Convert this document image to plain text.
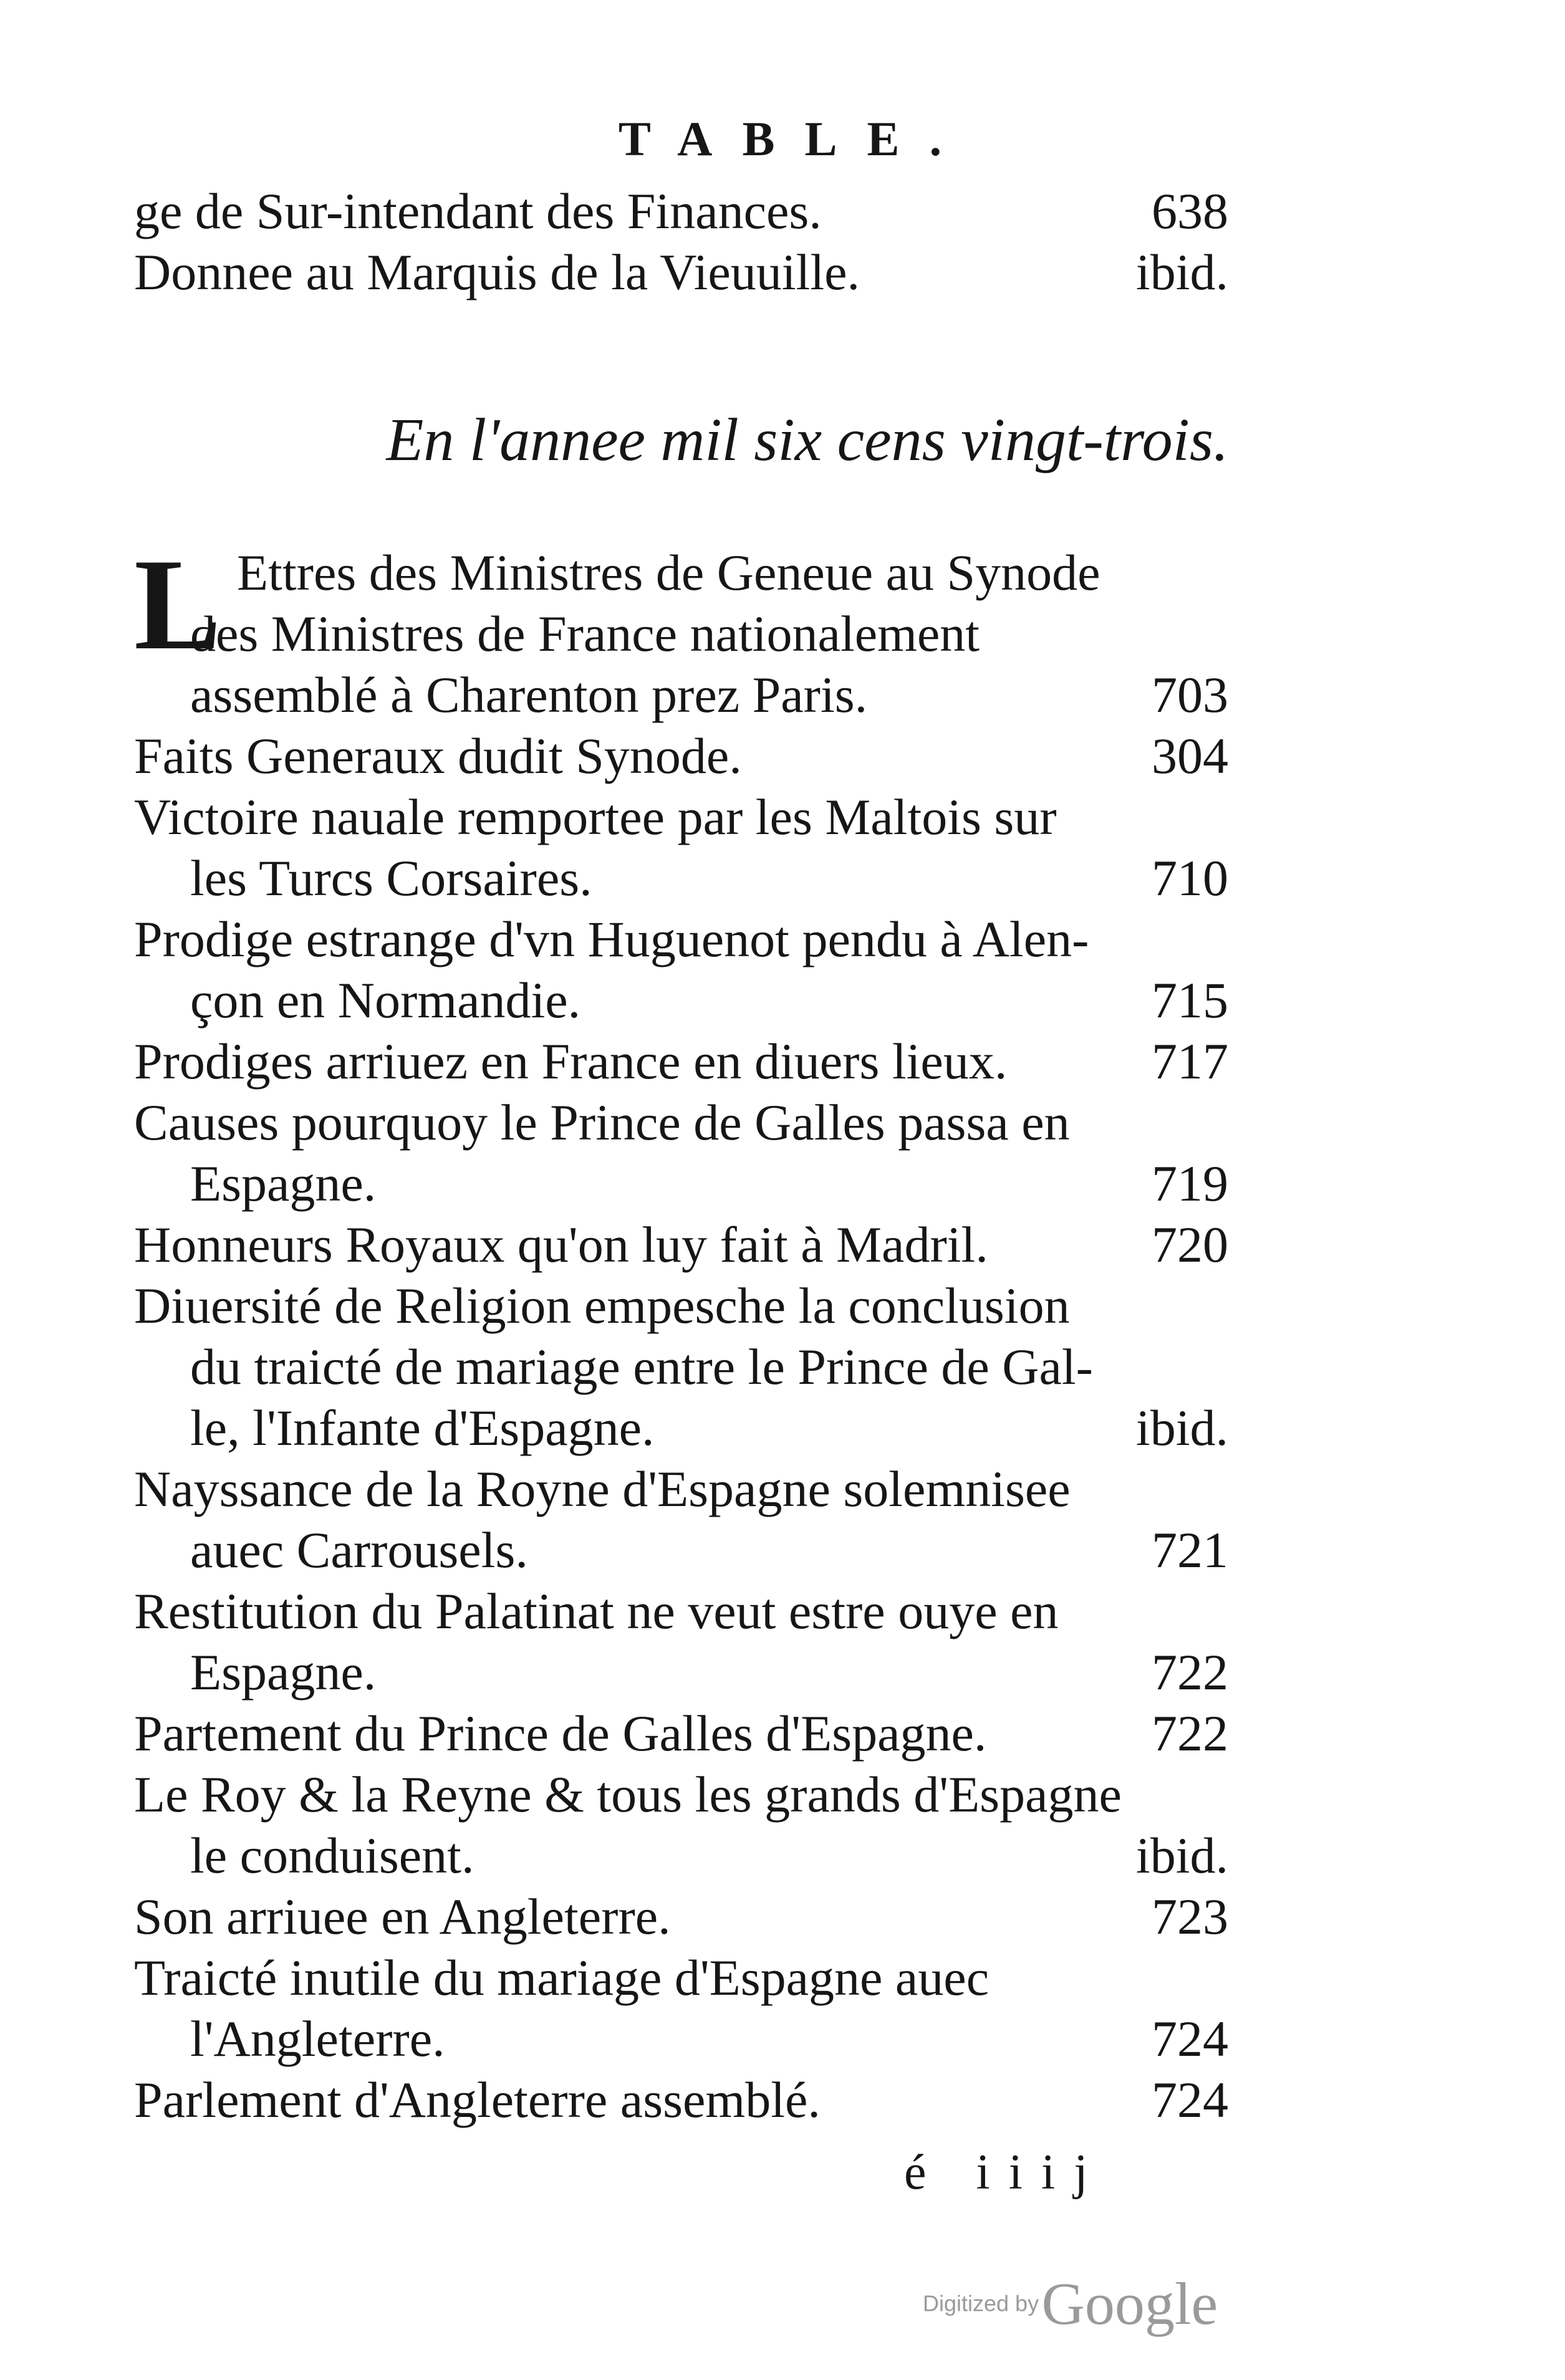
TABLE.
ge de Sur-intendant des Finances.	638
Donnee au Marquis de la Vieuuille.	ibid.
En l'annee mil six cens vingt-trois.
L Ettres des Ministres de Geneue au Synode
des Ministres de France nationalement
assemblé à Charenton prez Paris.	703
Faits Generaux dudit Synode.	304
Victoire nauale remportee par les Maltois sur
les Turcs Corsaires.	710
Prodige estrange d'vn Huguenot pendu à Alen-
çon en Normandie.	715
Prodiges arriuez en France en diuers lieux.	717
Causes pourquoy le Prince de Galles passa en
Espagne.	719
Honneurs Royaux qu'on luy fait à Madril.	720
Diuersité de Religion empesche la conclusion
du traicté de mariage entre le Prince de Gal-
le, l'Infante d'Espagne.	ibid.
Nayssance de la Royne d'Espagne solemnisee
auec Carrousels.	721
Restitution du Palatinat ne veut estre ouye en
Espagne.	722
Partement du Prince de Galles d'Espagne.	722
Le Roy & la Reyne & tous les grands d'Espagne
le conduisent.	ibid.
Son arriuee en Angleterre.	723
Traicté inutile du mariage d'Espagne auec
l'Angleterre.	724
Parlement d'Angleterre assemblé.	724
é iiij
Digitized by Google
